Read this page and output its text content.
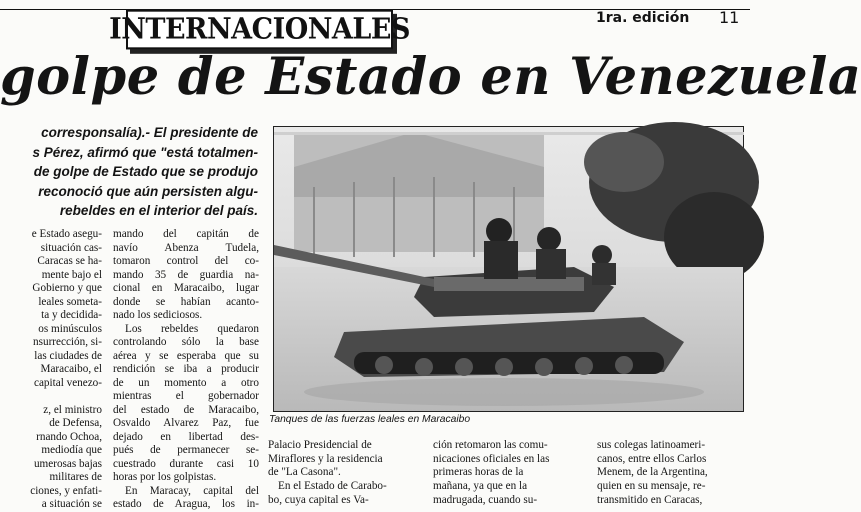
INTERNACIONALES	1ra. edición 11
golpe de Estado en Venezuela
corresponsalía).- El presidente de
s Pérez, afirmó que "está totalmen-
de golpe de Estado que se produjo
reconoció que aún persisten algu-
rebeldes en el interior del país.
e Estado asegu-
situación cas-
Caracas se ha-
mente bajo el
Gobierno y que
leales someta-
ta y decidida-
os minúsculos
nsurrección, si-
las ciudades de
Maracaibo, el
capital venezo-
z, el ministro
de Defensa,
rnando Ochoa,
mediodía que
umerosas bajas
militares de
ciones, y enfati-
a situación se
mando del capitán de
navío Abenza Tudela,
tomaron control del co-
mando 35 de guardia na-
cional en Maracaibo, lugar
donde se habían acanto-
nado los sediciosos.
Los rebeldes quedaron
controlando sólo la base
aérea y se esperaba que su
rendición se iba a producir
de un momento a otro
mientras el gobernador
del estado de Maracaibo,
Osvaldo Alvarez Paz, fue
dejado en libertad des-
pués de permanecer se-
cuestrado durante casi 10
horas por los golpistas.
En Maracay, capital del
estado de Aragua, los in-
Tanques de las fuerzas leales en Maracaibo
Palacio Presidencial de
Miraflores y la residencia
de "La Casona".
En el Estado de Carabo-
bo, cuya capital es Va-
ción retomaron las comu-
nicaciones oficiales en las
primeras horas de la
mañana, ya que en la
madrugada, cuando su-
sus colegas latinoameri-
canos, entre ellos Carlos
Menem, de la Argentina,
quien en su mensaje, re-
transmitido en Caracas,
